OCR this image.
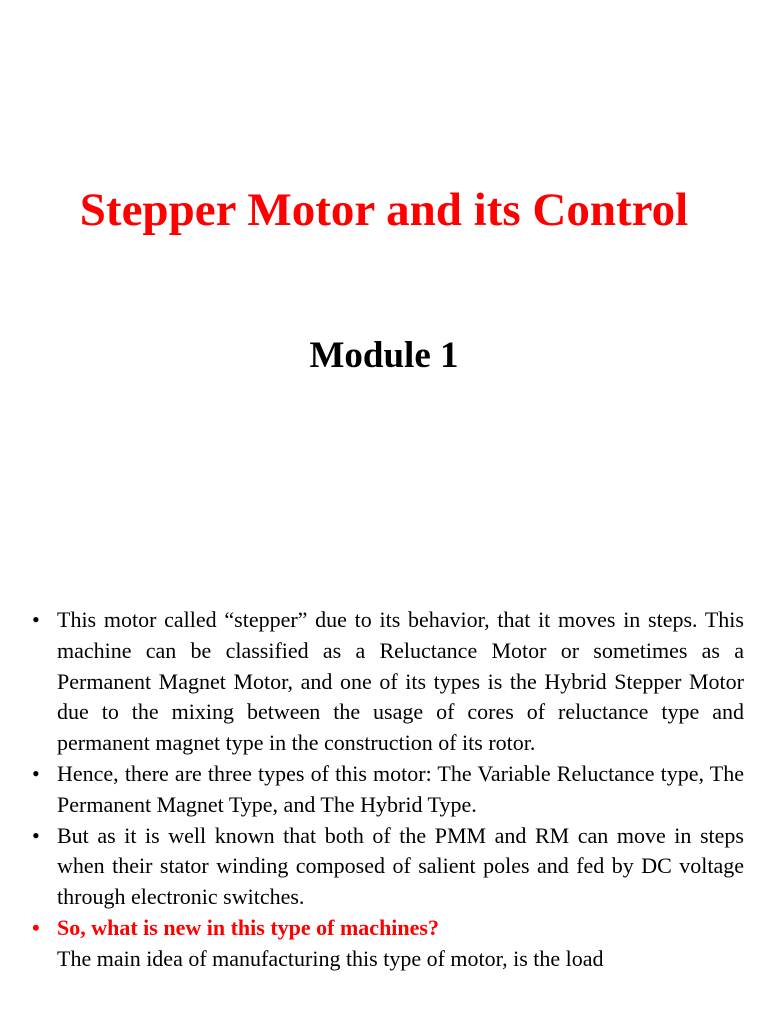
Stepper Motor and its Control
Module 1
• This motor called “stepper” due to its behavior, that it moves in steps. This machine can be classified as a Reluctance Motor or sometimes as a Permanent Magnet Motor, and one of its types is the Hybrid Stepper Motor due to the mixing between the usage of cores of reluctance type and permanent magnet type in the construction of its rotor.
• Hence, there are three types of this motor: The Variable Reluctance type, The Permanent Magnet Type, and The Hybrid Type.
• But as it is well known that both of the PMM and RM can move in steps when their stator winding composed of salient poles and fed by DC voltage through electronic switches.
• So, what is new in this type of machines?
The main idea of manufacturing this type of motor, is the load
